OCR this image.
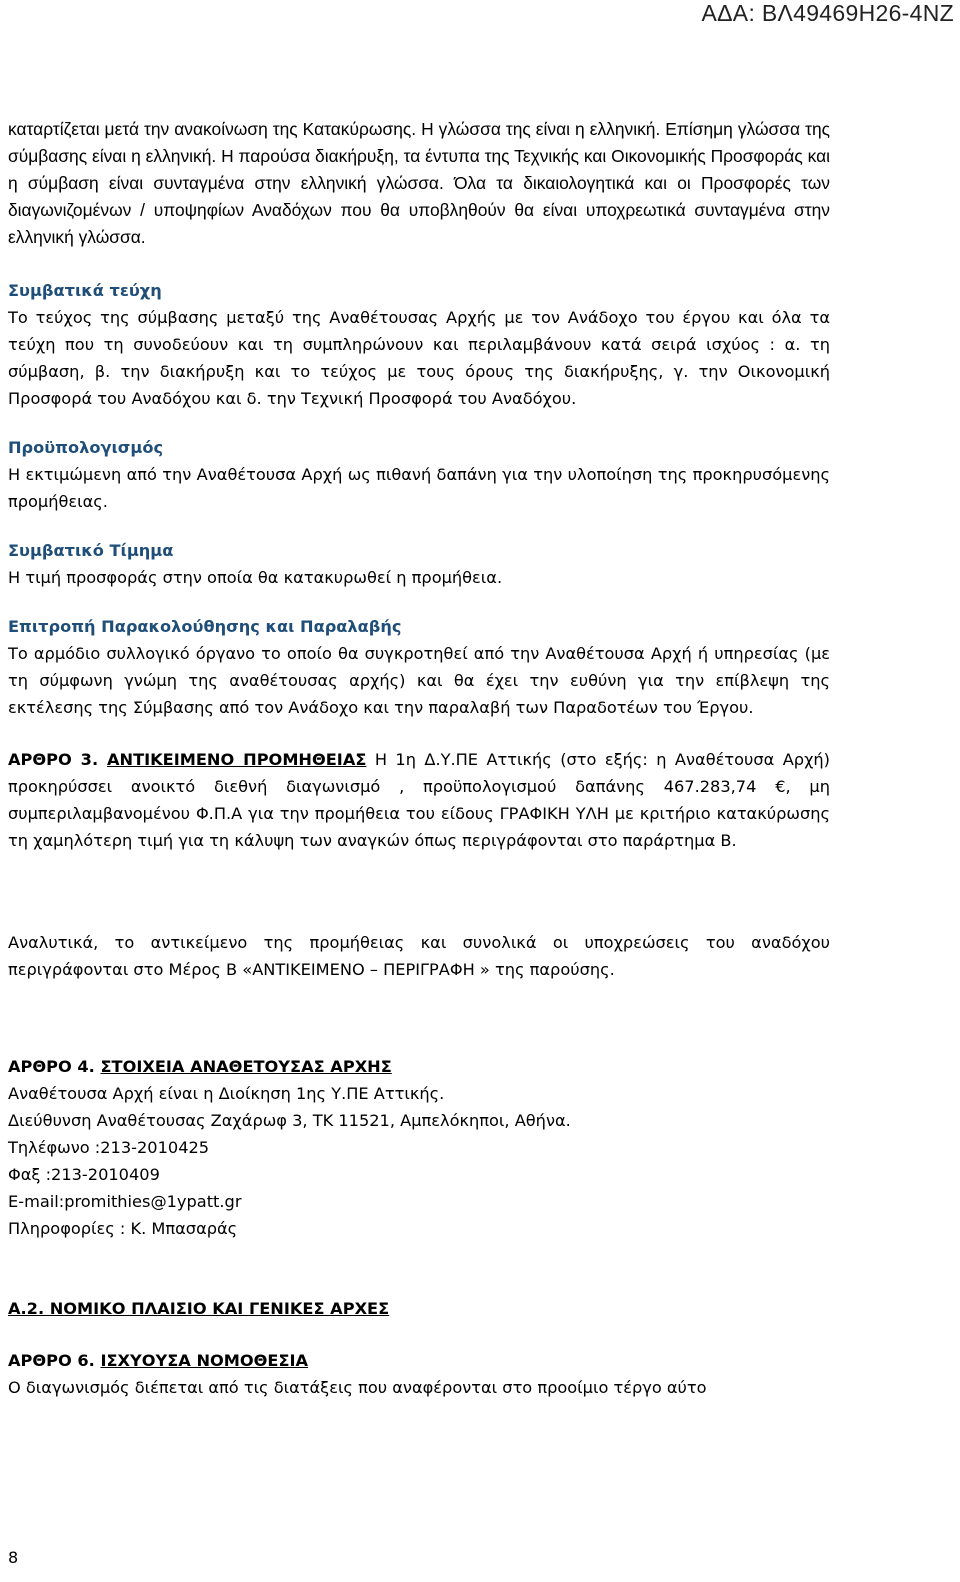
ΑΔΑ: ΒΛ49469Η26-4ΝΖ

καταρτίζεται μετά την ανακοίνωση της Κατακύρωσης. Η γλώσσα της είναι η ελληνική. Επίσημη γλώσσα της σύμβασης είναι η ελληνική. Η παρούσα διακήρυξη, τα έντυπα της Τεχνικής και Οικονομικής Προσφοράς και η σύμβαση είναι συνταγμένα στην ελληνική γλώσσα. Όλα τα δικαιολογητικά και οι Προσφορές των διαγωνιζομένων / υποψηφίων Αναδόχων που θα υποβληθούν θα είναι υποχρεωτικά συνταγμένα στην ελληνική γλώσσα.

Συμβατικά τεύχη

Το τεύχος της σύμβασης μεταξύ της Αναθέτουσας Αρχής με τον Ανάδοχο του έργου και όλα τα τεύχη που τη συνοδεύουν και τη συμπληρώνουν και περιλαμβάνουν κατά σειρά ισχύος : α. τη σύμβαση, β. την διακήρυξη και το τεύχος με τους όρους της διακήρυξης, γ. την Οικονομική Προσφορά του Αναδόχου και δ. την Τεχνική Προσφορά του Αναδόχου.

Προϋπολογισμός

Η εκτιμώμενη από την Αναθέτουσα Αρχή ως πιθανή δαπάνη για την υλοποίηση της προκηρυσόμενης προμήθειας.

Συμβατικό Τίμημα

Η τιμή προσφοράς στην οποία θα κατακυρωθεί η προμήθεια.

Επιτροπή Παρακολούθησης και Παραλαβής

Το αρμόδιο συλλογικό όργανο το οποίο θα συγκροτηθεί από την Αναθέτουσα Αρχή ή υπηρεσίας (με τη σύμφωνη γνώμη της αναθέτουσας αρχής) και θα έχει την ευθύνη για την επίβλεψη της εκτέλεσης της Σύμβασης από τον Ανάδοχο και την παραλαβή των Παραδοτέων του Έργου.

ΑΡΘΡΟ 3. ΑΝΤΙΚΕΙΜΕΝΟ ΠΡΟΜΗΘΕΙΑΣ Η 1η Δ.Υ.ΠΕ Αττικής (στο εξής: η Αναθέτουσα Αρχή) προκηρύσσει ανοικτό διεθνή διαγωνισμό , προϋπολογισμού δαπάνης 467.283,74 €, μη συμπεριλαμβανομένου Φ.Π.Α για την προμήθεια του είδους ΓΡΑΦΙΚΗ ΥΛΗ με κριτήριο κατακύρωσης τη χαμηλότερη τιμή για τη κάλυψη των αναγκών όπως περιγράφονται στο παράρτημα Β.

Αναλυτικά, το αντικείμενο της προμήθειας και συνολικά οι υποχρεώσεις του αναδόχου περιγράφονται στο Μέρος Β «ΑΝΤΙΚΕΙΜΕΝΟ – ΠΕΡΙΓΡΑΦΗ » της παρούσης.

ΑΡΘΡΟ 4. ΣΤΟΙΧΕΙΑ ΑΝΑΘΕΤΟΥΣΑΣ ΑΡΧΗΣ

Αναθέτουσα Αρχή είναι η Διοίκηση 1ης Υ.ΠΕ Αττικής.

Διεύθυνση Αναθέτουσας Ζαχάρωφ 3, ΤΚ 11521, Αμπελόκηποι, Αθήνα.

Τηλέφωνο :213-2010425

Φαξ :213-2010409

E-mail:promithies@1ypatt.gr

Πληροφορίες : Κ. Μπασαράς

Α.2. ΝΟΜΙΚΟ ΠΛΑΙΣΙΟ ΚΑΙ ΓΕΝΙΚΕΣ ΑΡΧΕΣ

ΑΡΘΡΟ 6. ΙΣΧΥΟΥΣΑ ΝΟΜΟΘΕΣΙΑ

Ο διαγωνισμός διέπεται από τις διατάξεις που αναφέρονται στο προοίμιο τέργο αύτο

8
